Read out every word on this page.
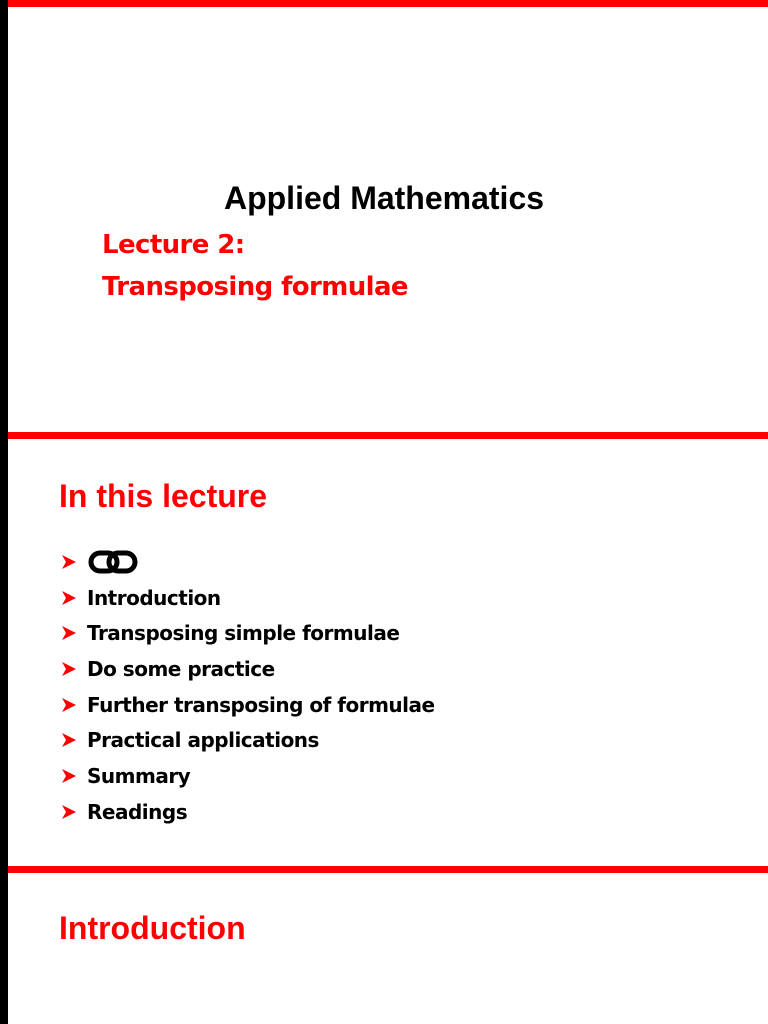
Applied Mathematics
Lecture 2:
Transposing formulae
In this lecture
Introduction
Transposing simple formulae
Do some practice
Further transposing of formulae
Practical applications
Summary
Readings
Introduction
